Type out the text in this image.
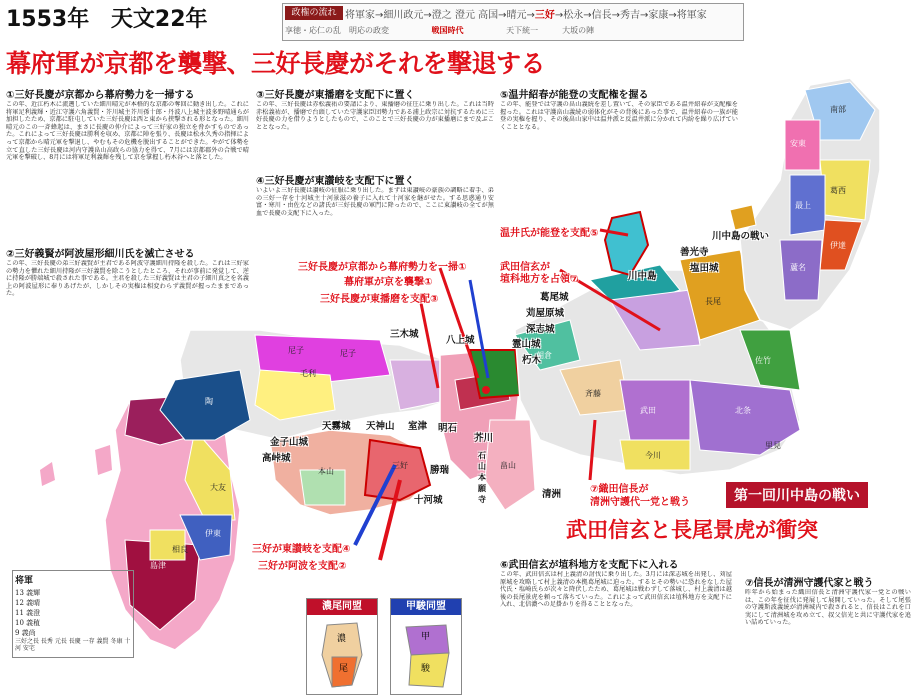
1553年 天文22年	政権の流れ 将軍家→細川政元→澄之 澄元 高国→晴元→三好→松永→信長→秀吉→家康→将軍家
享徳・応仁の乱　明応の政変	戦国時代	天下統一　　　大坂の陣
幕府軍が京都を襲撃、三好長慶がそれを撃退する
①三好長慶が京都から幕府勢力を一掃する
この年、近江朽木に流遡していた細川晴元が本格的な京都の奪回に動き出した。これに将軍足利義輝・近江守護六角義賢・芥川城主芥川孫十郎・丹波八上城主波多野晴通らが加担したため、京都に駐屯していた三好長慶は西と東から挟撃される形となった。細川晴元のこの一斉蜂起は、まさに長慶の仲介によって三好家の独立を脅かすものであった。これによって三好長慶は勝利を収め、京都に陣を張り、長慶は松永久秀の指揮によって京都から晴元軍を撃退し、やむもその危機を脱出することができた。やがて体勢を立て直した三好長慶は河内守護畠山高政らの協力を得て、7月には京都郡外の合戦で晴元軍を撃破し、8月には将軍足利義輝を残して京を掌握し朽木谷へと落とした。
②三好義賢が阿波屋形細川氏を滅亡させる
この年、三好長慶の弟三好義賢が主君である阿波守護細川持隆を殺した。これは三好家の勢力を懼れた細川持隆が三好義賢を除こうとしたところ、それが事前に発覚して、逆に持隆が勝端城で殺された事である。主君を殺した三好義賢は主君の子細川真之を名義上の阿波屋形に奉りあげたが、しかしその実権は相変わらず義賢が握ったままであった。
③三好長慶が東播磨を支配下に置く
この年、三好長慶は赤松義祐の要請により、東播磨の征圧に乗り出した。これは当時赤松義祐が、播磨で台頭していた守護家臣団勢力である浦上政宗に対抗するために三好長慶の力を借りようとしたもので、このことで三好長慶の力が東播磨にまで及ぶこととなった。
④三好長慶が東讃岐を支配下に置く
いよいよ三好長慶は讃岐の征服に乗り出した。まずは東讃岐の豪族の調略に着手、弟の三好一存を十河城主十河景滋の養子に入れて十河家を継がせた。する思惑通り安富・寒川・由佐などの諸氏が三好長慶の軍門に降ったので、ここに東讃岐の全てが無血で長慶の支配下に入った。
⑤温井紹春が能登の支配権を握る
この年、能登では守護の畠山義続を差し置いて、その家臣である温井紹春が支配権を握った。これは守護畠山義続の弱体化がその背後にあった事で、温井紹春の一族が能登の実権を握り、その後畠山家中は温井派と反温井派に分かれて内紛を繰り広げていくこととなる。
⑥武田信玄が埴科地方を支配下に入れる
この年、武田信玄は村上義清の討伐に乗り出した。3月には深志城を出発し、苅屋原城を攻略して村上義清の本拠葛尾城に迫った。するとその勢いに恐れをなした屋代氏・塩崎氏らが次々と降伏したため、葛尾城は戦わずして落城し、村上義清は越後の長尾景虎を頼って落ちていった。これによって武田信玄は埴科地方を支配下に入れ、北信濃への足掛かりを得ることとなった。
⑦信長が清洲守護代家と戦う
昨年から始まった織田信長と清洲守護代家一党との戦いは、この年を征伐に発展して展開していった。そして尾張の守護斯波義統が清洲城内で殺されると、信長はこれを口実にして清洲城を攻め立て、叔父信光と共に守護代家を追い詰めていった。
三好長慶が京都から幕府勢力を一掃①
幕府軍が京を襲撃①
三好長慶が東播磨を支配③
三好が東讃岐を支配④
三好が阿波を支配②
温井氏が能登を支配⑤
武田信玄が
埴科地方を占領⑦
⑦織田信長が
清洲守護代一党と戦う
川中島の戦い
善光寺
塩田城
川中島
葛尾城
苅屋原城
深志城
霊山城
朽木
三木城
八上城
天神山 室津 明石
芥川
天霧城
金子山城
高峠城
勝瑞
十河城
石山本願寺	清洲
尼子	尼子
毛利
陶
大友
伊東
相良
島津
三好
本山
畠山
斉藤
朝倉
武田
今川
北条
長尾
蘆名
伊達
最上
安東
南部
葛西
佐竹
里見
第一回川中島の戦い
武田信玄と長尾景虎が衝突
濃尾同盟
濃
尾
甲駿同盟
甲
駿
将軍
13 義輝
12 義晴
11 義澄
10 義稙
9 義尚
三好之長 長秀 元長 長慶 一存 義賢 冬康 十河 安宅
